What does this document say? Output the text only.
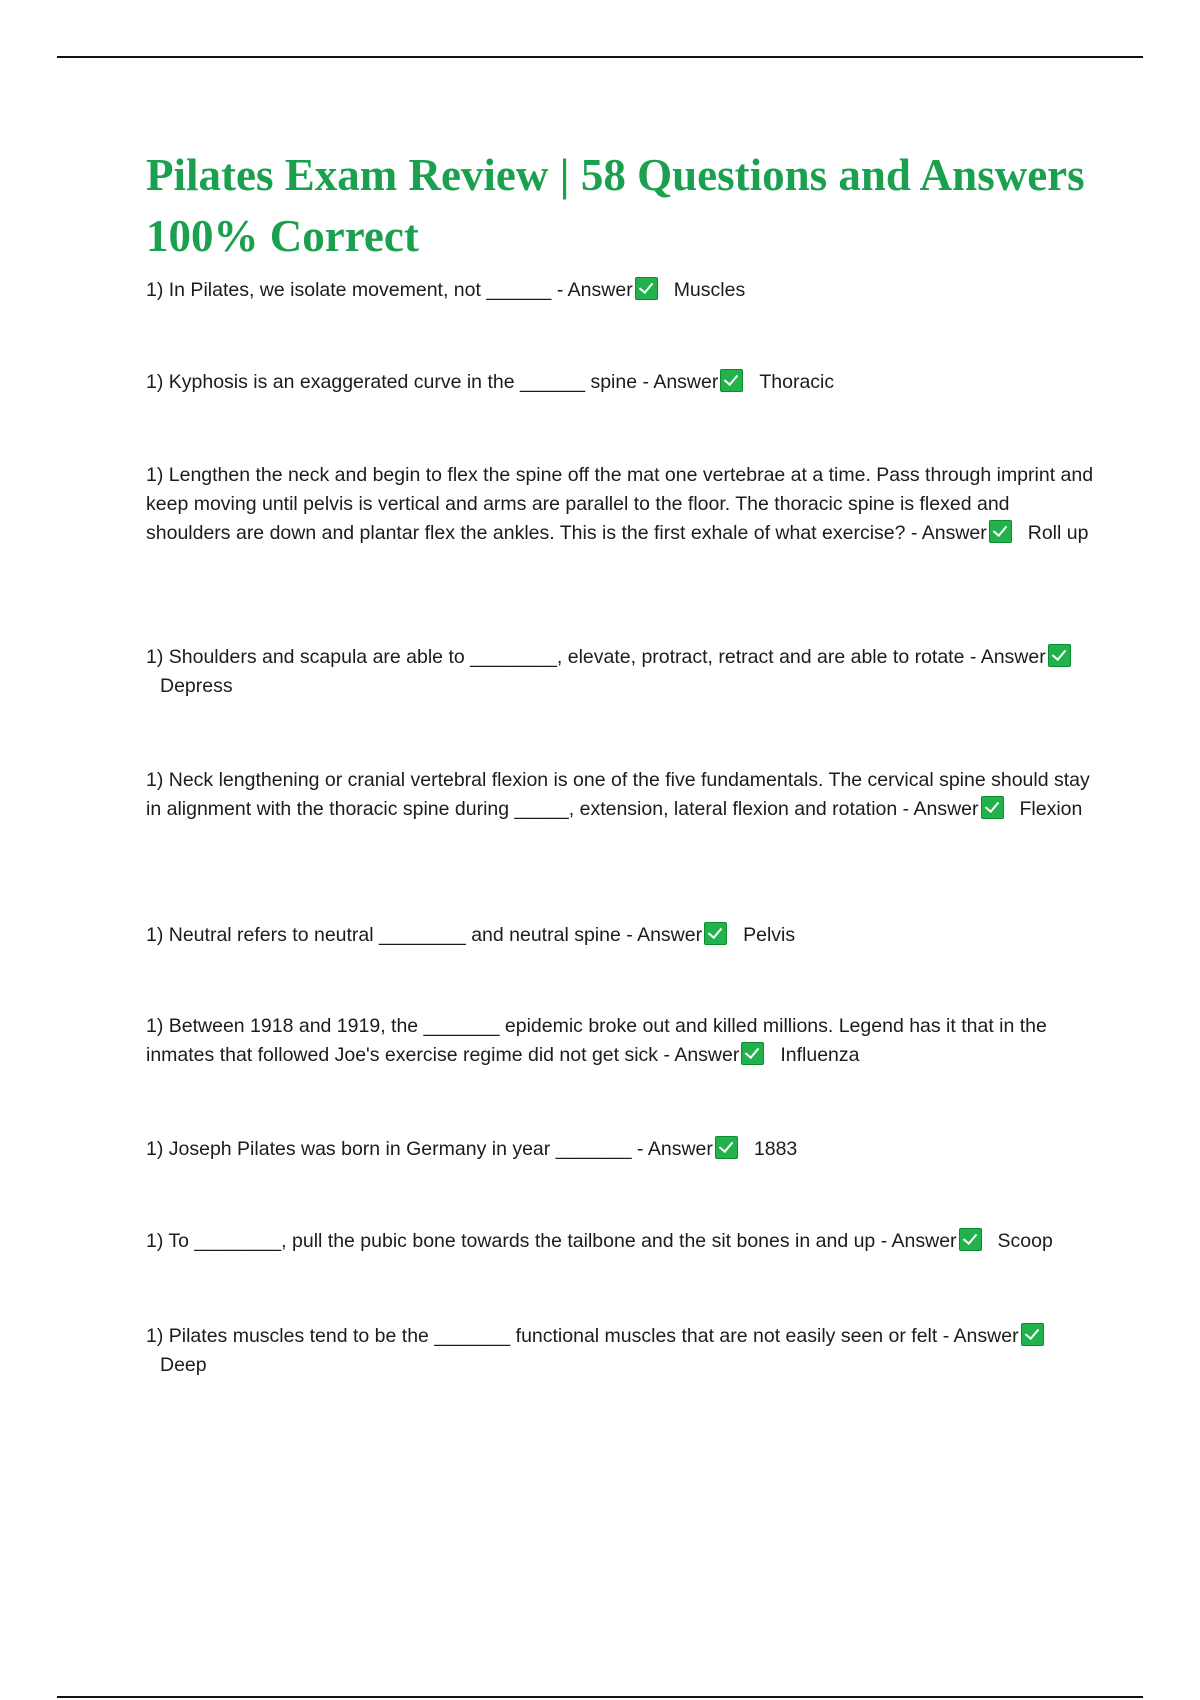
Pilates Exam Review | 58 Questions and Answers 100% Correct
1) In Pilates, we isolate movement, not ______ - Answer Muscles
1) Kyphosis is an exaggerated curve in the ______ spine - Answer Thoracic
1) Lengthen the neck and begin to flex the spine off the mat one vertebrae at a time. Pass through imprint and keep moving until pelvis is vertical and arms are parallel to the floor. The thoracic spine is flexed and shoulders are down and plantar flex the ankles. This is the first exhale of what exercise? - Answer Roll up
1) Shoulders and scapula are able to ________, elevate, protract, retract and are able to rotate - AnswerDepress
1) Neck lengthening or cranial vertebral flexion is one of the five fundamentals. The cervical spine should stay in alignment with the thoracic spine during _____, extension, lateral flexion and rotation - Answer Flexion
1) Neutral refers to neutral ________ and neutral spine - Answer Pelvis
1) Between 1918 and 1919, the _______ epidemic broke out and killed millions. Legend has it that in the inmates that followed Joe's exercise regime did not get sick - Answer Influenza
1) Joseph Pilates was born in Germany in year _______ - Answer 1883
1) To ________, pull the pubic bone towards the tailbone and the sit bones in and up - Answer Scoop
1) Pilates muscles tend to be the _______ functional muscles that are not easily seen or felt - AnswerDeep
